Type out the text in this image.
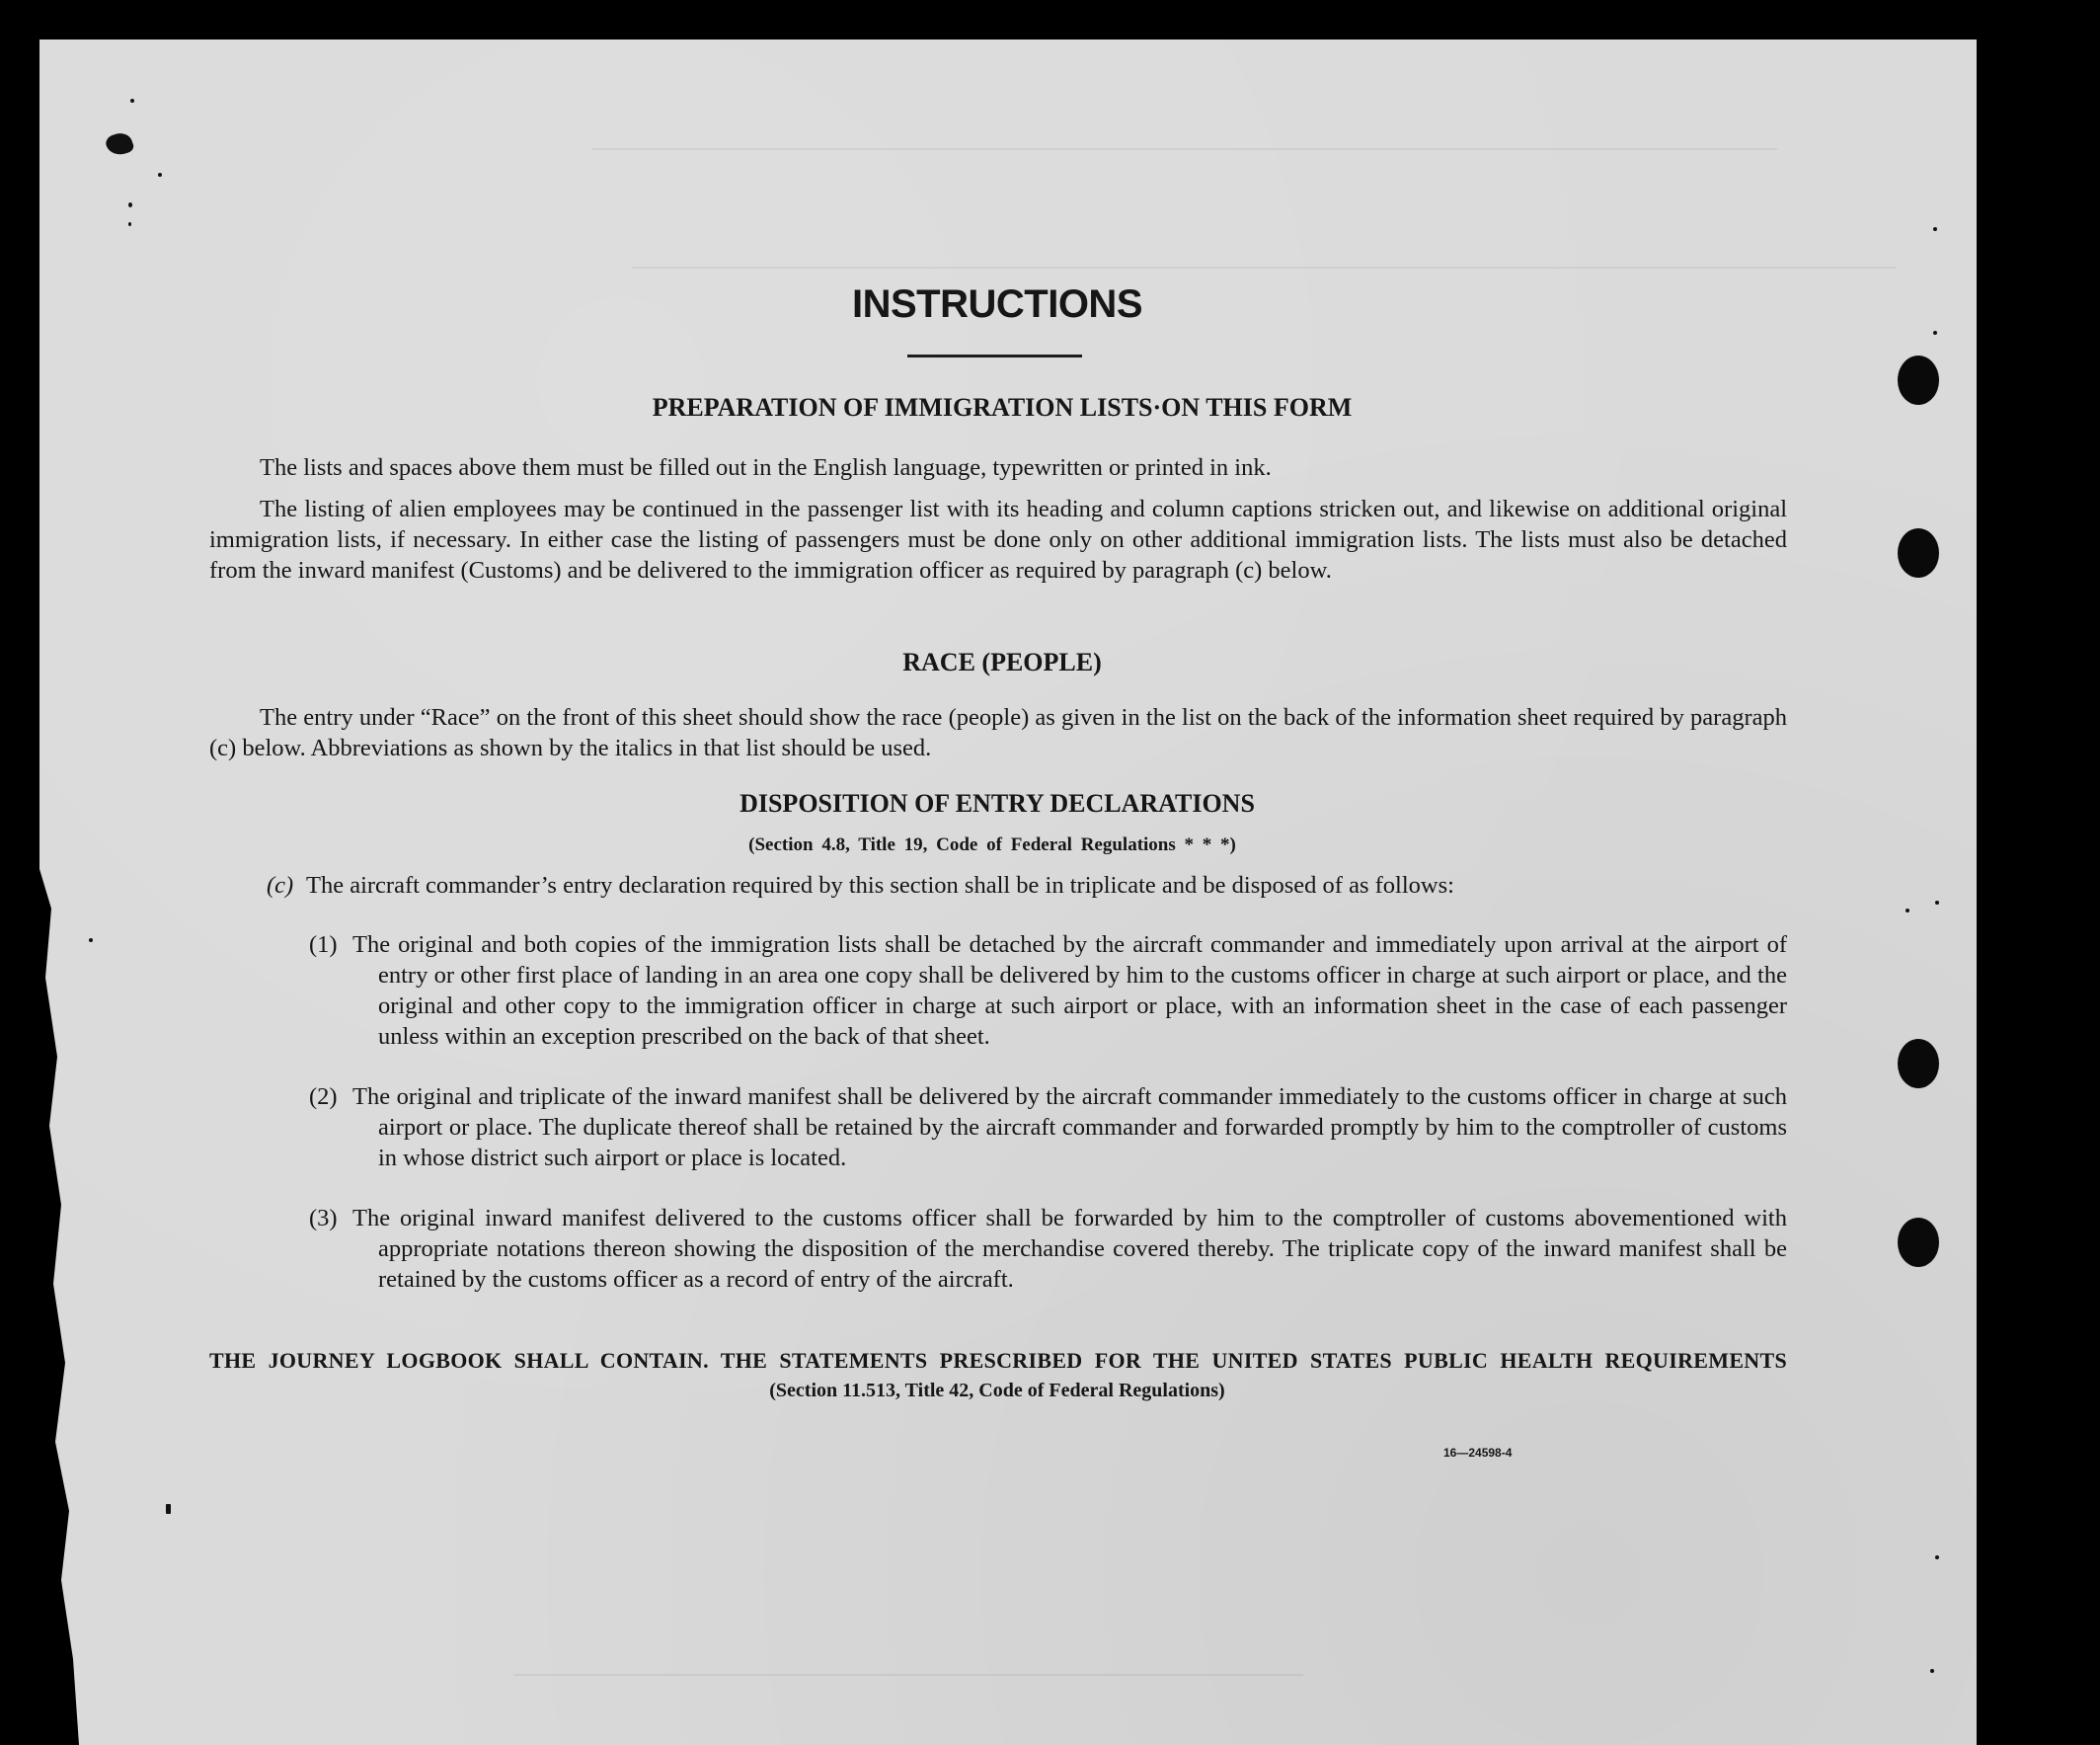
INSTRUCTIONS
PREPARATION OF IMMIGRATION LISTS·ON THIS FORM
The lists and spaces above them must be filled out in the English language, typewritten or printed in ink.
The listing of alien employees may be continued in the passenger list with its heading and column captions stricken out, and likewise on additional original immigration lists, if necessary. In either case the listing of passengers must be done only on other additional immigration lists. The lists must also be detached from the inward manifest (Customs) and be delivered to the immigration officer as required by paragraph (c) below.
RACE (PEOPLE)
The entry under “Race” on the front of this sheet should show the race (people) as given in the list on the back of the information sheet required by paragraph (c) below. Abbreviations as shown by the italics in that list should be used.
DISPOSITION OF ENTRY DECLARATIONS
(Section 4.8, Title 19, Code of Federal Regulations * * *)
(c) The aircraft commander’s entry declaration required by this section shall be in triplicate and be disposed of as follows:
(1) The original and both copies of the immigration lists shall be detached by the aircraft commander and immediately upon arrival at the airport of entry or other first place of landing in an area one copy shall be delivered by him to the customs officer in charge at such airport or place, and the original and other copy to the immigration officer in charge at such airport or place, with an information sheet in the case of each passenger unless within an exception prescribed on the back of that sheet.
(2) The original and triplicate of the inward manifest shall be delivered by the aircraft commander immediately to the customs officer in charge at such airport or place. The duplicate thereof shall be retained by the aircraft commander and forwarded promptly by him to the comptroller of customs in whose district such airport or place is located.
(3) The original inward manifest delivered to the customs officer shall be forwarded by him to the comptroller of customs abovementioned with appropriate notations thereon showing the disposition of the merchandise covered thereby. The triplicate copy of the inward manifest shall be retained by the customs officer as a record of entry of the aircraft.
THE JOURNEY LOGBOOK SHALL CONTAIN. THE STATEMENTS PRESCRIBED FOR THE UNITED STATES PUBLIC HEALTH REQUIREMENTS
(Section 11.513, Title 42, Code of Federal Regulations)
16—24598-4
